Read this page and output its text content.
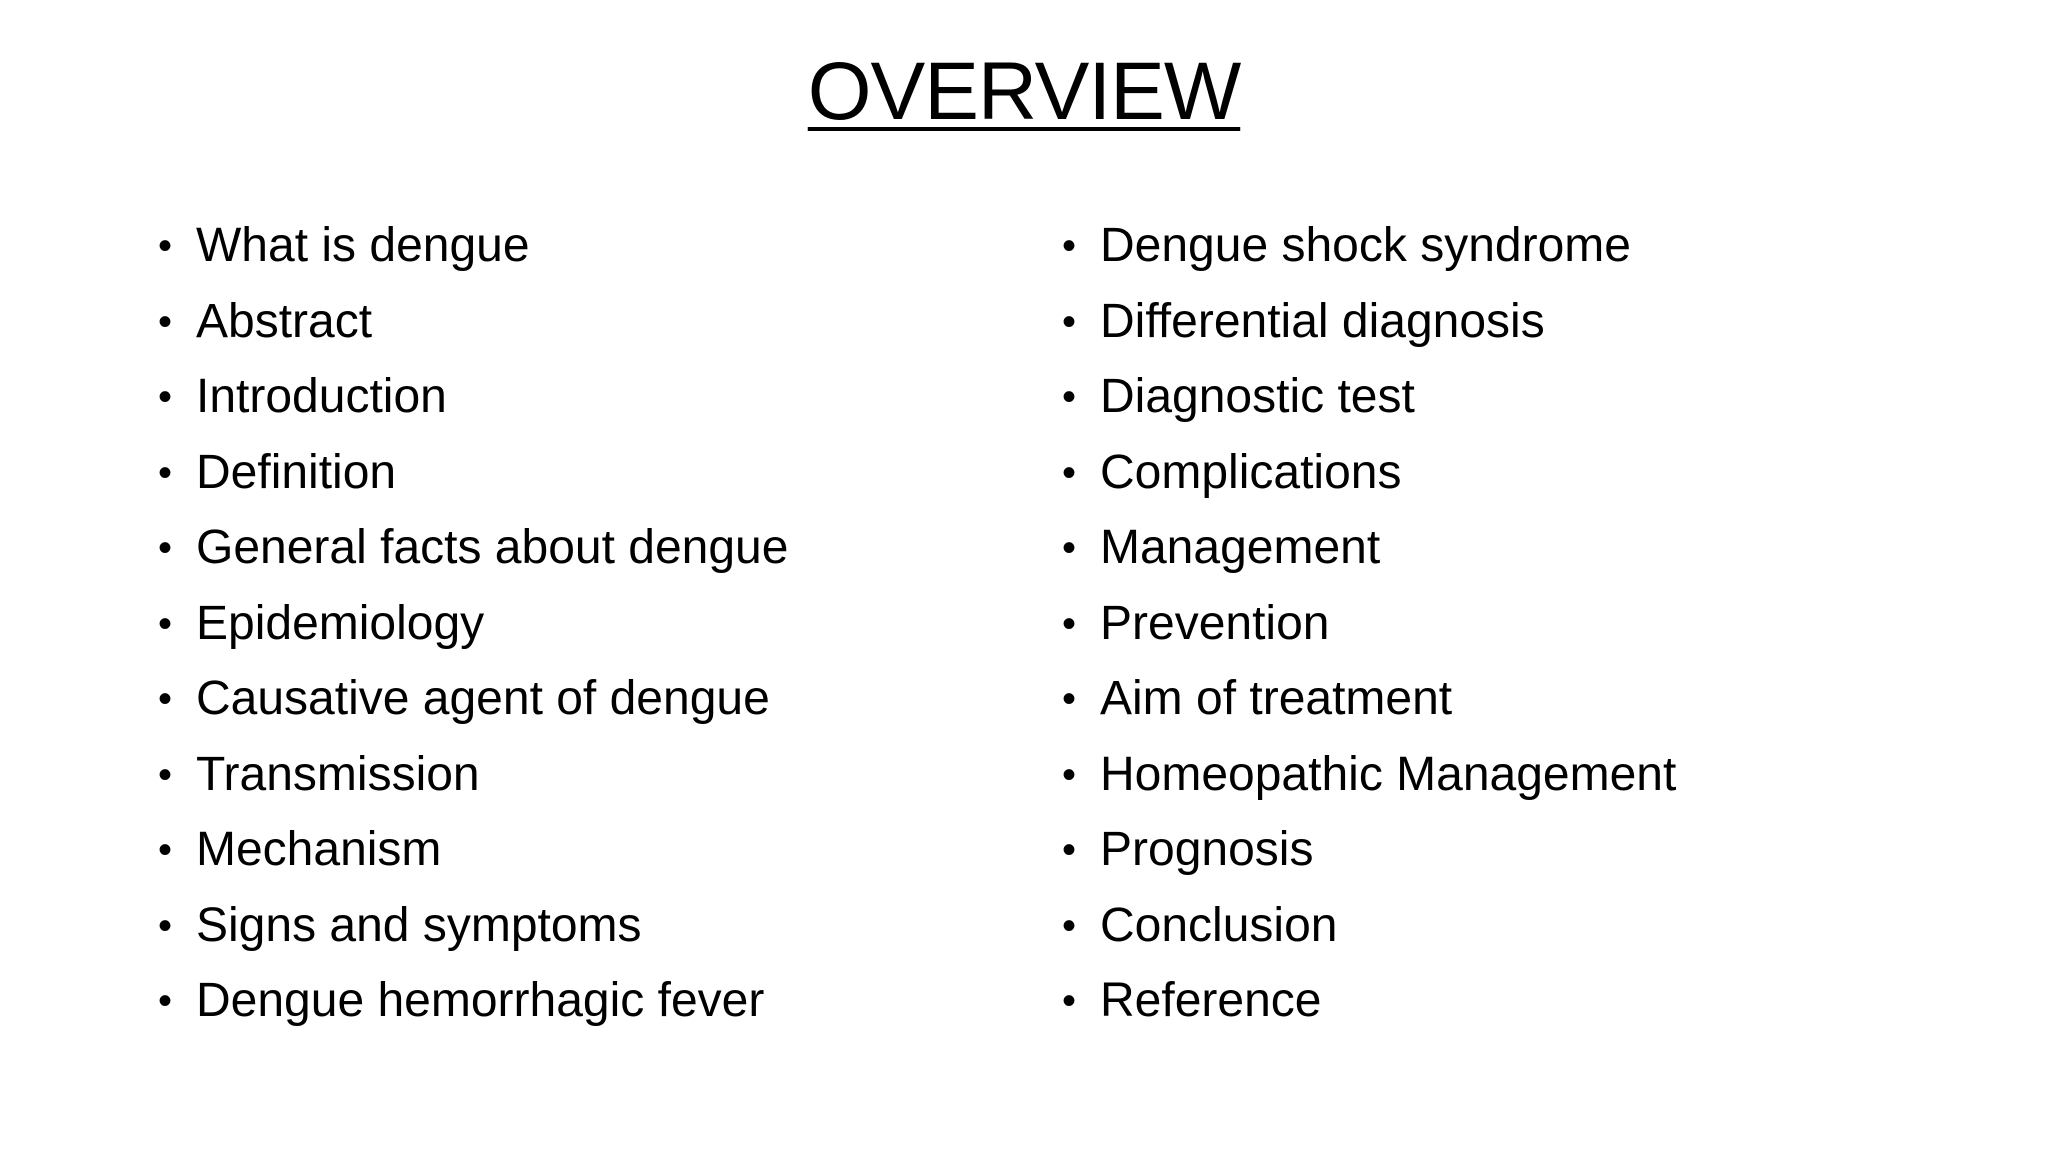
OVERVIEW
• What is dengue
• Abstract
• Introduction
• Definition
• General facts about dengue
• Epidemiology
• Causative agent of dengue
• Transmission
• Mechanism
• Signs and symptoms
• Dengue hemorrhagic fever
• Dengue shock syndrome
• Differential diagnosis
• Diagnostic test
• Complications
• Management
• Prevention
• Aim of treatment
• Homeopathic Management
• Prognosis
• Conclusion
• Reference
